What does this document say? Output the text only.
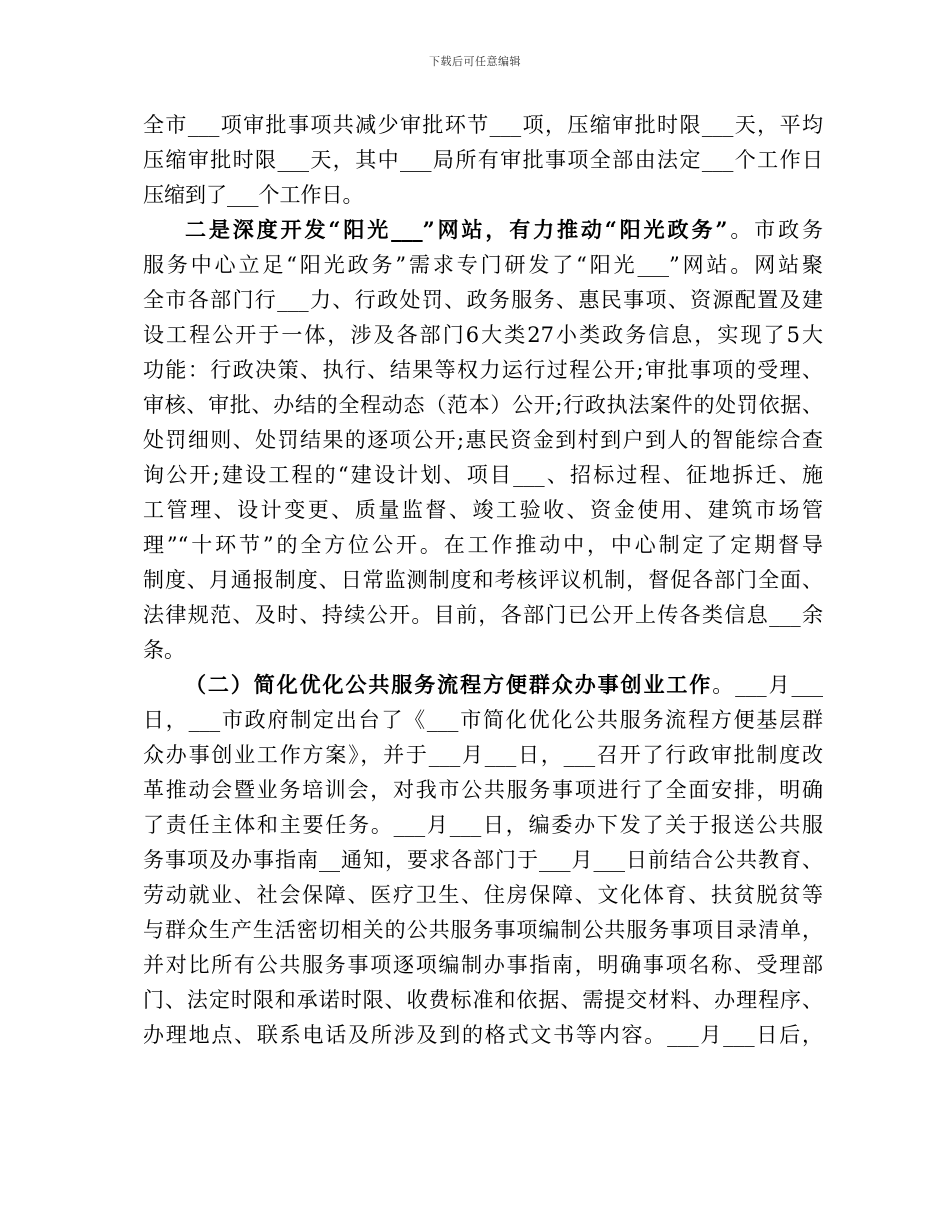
下载后可任意编辑
全市___项审批事项共减少审批环节___项，压缩审批时限___天，平均
压缩审批时限___天，其中___局所有审批事项全部由法定___个工作日
压缩到了___个工作日。
二是深度开发“阳光___”网站，有力推动“阳光政务”。市政务
服务中心立足“阳光政务”需求专门研发了“阳光___”网站。网站聚
全市各部门行___力、行政处罚、政务服务、惠民事项、资源配置及建
设工程公开于一体，涉及各部门6大类27小类政务信息，实现了5大
功能：行政决策、执行、结果等权力运行过程公开;审批事项的受理、
审核、审批、办结的全程动态（范本）公开;行政执法案件的处罚依据、
处罚细则、处罚结果的逐项公开;惠民资金到村到户到人的智能综合查
询公开;建设工程的“建设计划、项目___、招标过程、征地拆迁、施
工管理、设计变更、质量监督、竣工验收、资金使用、建筑市场管
理”“十环节”的全方位公开。在工作推动中，中心制定了定期督导
制度、月通报制度、日常监测制度和考核评议机制，督促各部门全面、
法律规范、及时、持续公开。目前，各部门已公开上传各类信息___余
条。
（二）简化优化公共服务流程方便群众办事创业工作。___月___
日，___市政府制定出台了《___市简化优化公共服务流程方便基层群
众办事创业工作方案》，并于___月___日，___召开了行政审批制度改
革推动会暨业务培训会，对我市公共服务事项进行了全面安排，明确
了责任主体和主要任务。___月___日，编委办下发了关于报送公共服
务事项及办事指南__通知，要求各部门于___月___日前结合公共教育、
劳动就业、社会保障、医疗卫生、住房保障、文化体育、扶贫脱贫等
与群众生产生活密切相关的公共服务事项编制公共服务事项目录清单，
并对比所有公共服务事项逐项编制办事指南，明确事项名称、受理部
门、法定时限和承诺时限、收费标准和依据、需提交材料、办理程序、
办理地点、联系电话及所涉及到的格式文书等内容。___月___日后，
